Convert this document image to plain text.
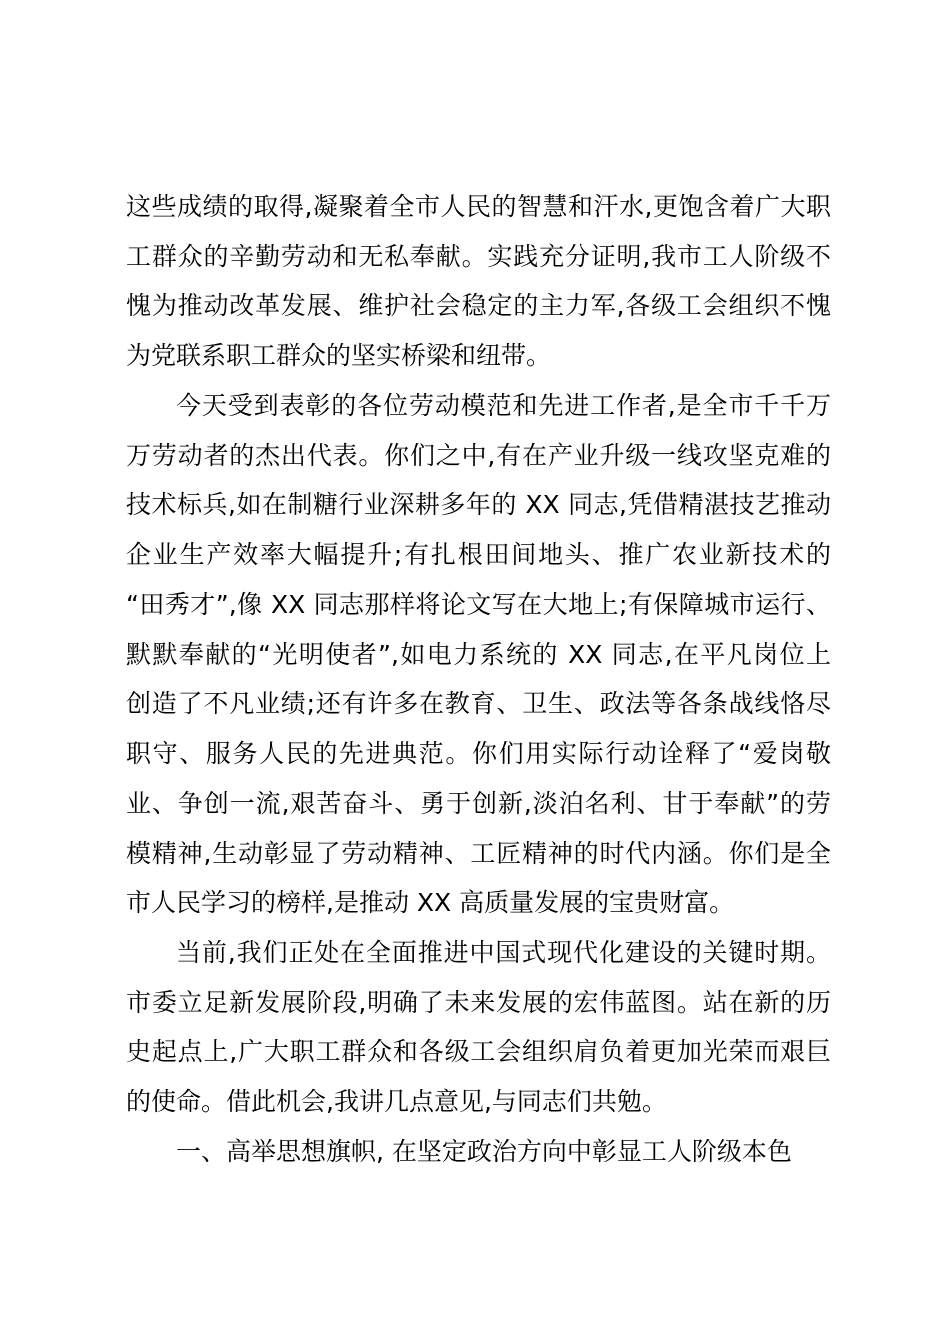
这些成绩的取得,凝聚着全市人民的智慧和汗水,更饱含着广大职
工群众的辛勤劳动和无私奉献。实践充分证明,我市工人阶级不
愧为推动改革发展、维护社会稳定的主力军,各级工会组织不愧
为党联系职工群众的坚实桥梁和纽带。
今天受到表彰的各位劳动模范和先进工作者,是全市千千万
万劳动者的杰出代表。你们之中,有在产业升级一线攻坚克难的
技术标兵,如在制糖行业深耕多年的 XX 同志,凭借精湛技艺推动
企业生产效率大幅提升;有扎根田间地头、推广农业新技术的
“田秀才”,像 XX 同志那样将论文写在大地上;有保障城市运行、
默默奉献的“光明使者”,如电力系统的 XX 同志,在平凡岗位上
创造了不凡业绩;还有许多在教育、卫生、政法等各条战线恪尽
职守、服务人民的先进典范。你们用实际行动诠释了“爱岗敬
业、争创一流,艰苦奋斗、勇于创新,淡泊名利、甘于奉献”的劳
模精神,生动彰显了劳动精神、工匠精神的时代内涵。你们是全
市人民学习的榜样,是推动 XX 高质量发展的宝贵财富。
当前,我们正处在全面推进中国式现代化建设的关键时期。
市委立足新发展阶段,明确了未来发展的宏伟蓝图。站在新的历
史起点上,广大职工群众和各级工会组织肩负着更加光荣而艰巨
的使命。借此机会,我讲几点意见,与同志们共勉。
一、高举思想旗帜, 在坚定政治方向中彰显工人阶级本色
